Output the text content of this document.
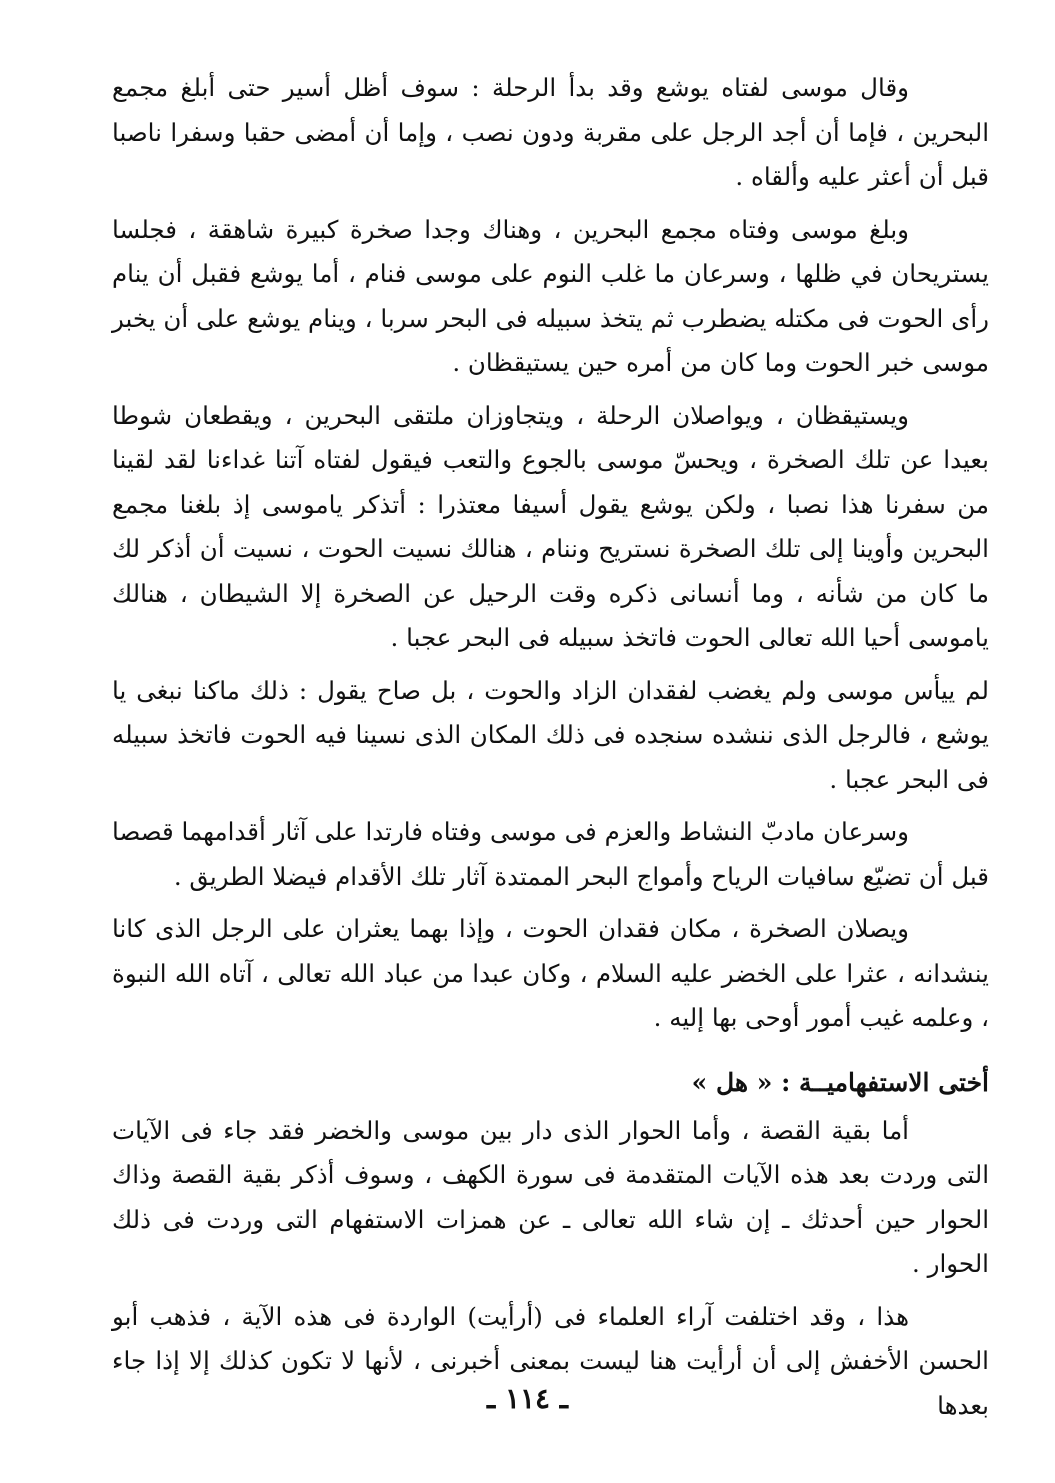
وقال موسى لفتاه يوشع وقد بدأ الرحلة : سوف أظل أسير حتى أبلغ مجمع البحرين ، فإما أن أجد الرجل على مقربة ودون نصب ، وإما أن أمضى حقبا وسفرا ناصبا قبل أن أعثر عليه وألقاه .

وبلغ موسى وفتاه مجمع البحرين ، وهناك وجدا صخرة كبيرة شاهقة ، فجلسا يستريحان في ظلها ، وسرعان ما غلب النوم على موسى فنام ، أما يوشع فقبل أن ينام رأى الحوت فى مكتله يضطرب ثم يتخذ سبيله فى البحر سربا ، وينام يوشع على أن يخبر موسى خبر الحوت وما كان من أمره حين يستيقظان .

ويستيقظان ، ويواصلان الرحلة ، ويتجاوزان ملتقى البحرين ، ويقطعان شوطا بعيدا عن تلك الصخرة ، ويحسّ موسى بالجوع والتعب فيقول لفتاه آتنا غداءنا لقد لقينا من سفرنا هذا نصبا ، ولكن يوشع يقول أسيفا معتذرا : أتذكر ياموسى إذ بلغنا مجمع البحرين وأوينا إلى تلك الصخرة نستريح وننام ، هنالك نسيت الحوت ، نسيت أن أذكر لك ما كان من شأنه ، وما أنسانى ذكره وقت الرحيل عن الصخرة إلا الشيطان ، هنالك ياموسى أحيا الله تعالى الحوت فاتخذ سبيله فى البحر عجبا .

لم ييأس موسى ولم يغضب لفقدان الزاد والحوت ، بل صاح يقول : ذلك ماكنا نبغى يا يوشع ، فالرجل الذى ننشده سنجده فى ذلك المكان الذى نسينا فيه الحوت فاتخذ سبيله فى البحر عجبا .

وسرعان مادبّ النشاط والعزم فى موسى وفتاه فارتدا على آثار أقدامهما قصصا قبل أن تضيّع سافيات الرياح وأمواج البحر الممتدة آثار تلك الأقدام فيضلا الطريق .

ويصلان الصخرة ، مكان فقدان الحوت ، وإذا بهما يعثران على الرجل الذى كانا ينشدانه ، عثرا على الخضر عليه السلام ، وكان عبدا من عباد الله تعالى ، آتاه الله النبوة ، وعلمه غيب أمور أوحى بها إليه .

أختى الاستفهاميــة : « هل »

أما بقية القصة ، وأما الحوار الذى دار بين موسى والخضر فقد جاء فى الآيات التى وردت بعد هذه الآيات المتقدمة فى سورة الكهف ، وسوف أذكر بقية القصة وذاك الحوار حين أحدثك ـ إن شاء الله تعالى ـ عن همزات الاستفهام التى وردت فى ذلك الحوار .

هذا ، وقد اختلفت آراء العلماء فى (أرأيت) الواردة فى هذه الآية ، فذهب أبو الحسن الأخفش إلى أن أرأيت هنا ليست بمعنى أخبرنى ، لأنها لا تكون كذلك إلا إذا جاء بعدها

ـ ١١٤ ـ
